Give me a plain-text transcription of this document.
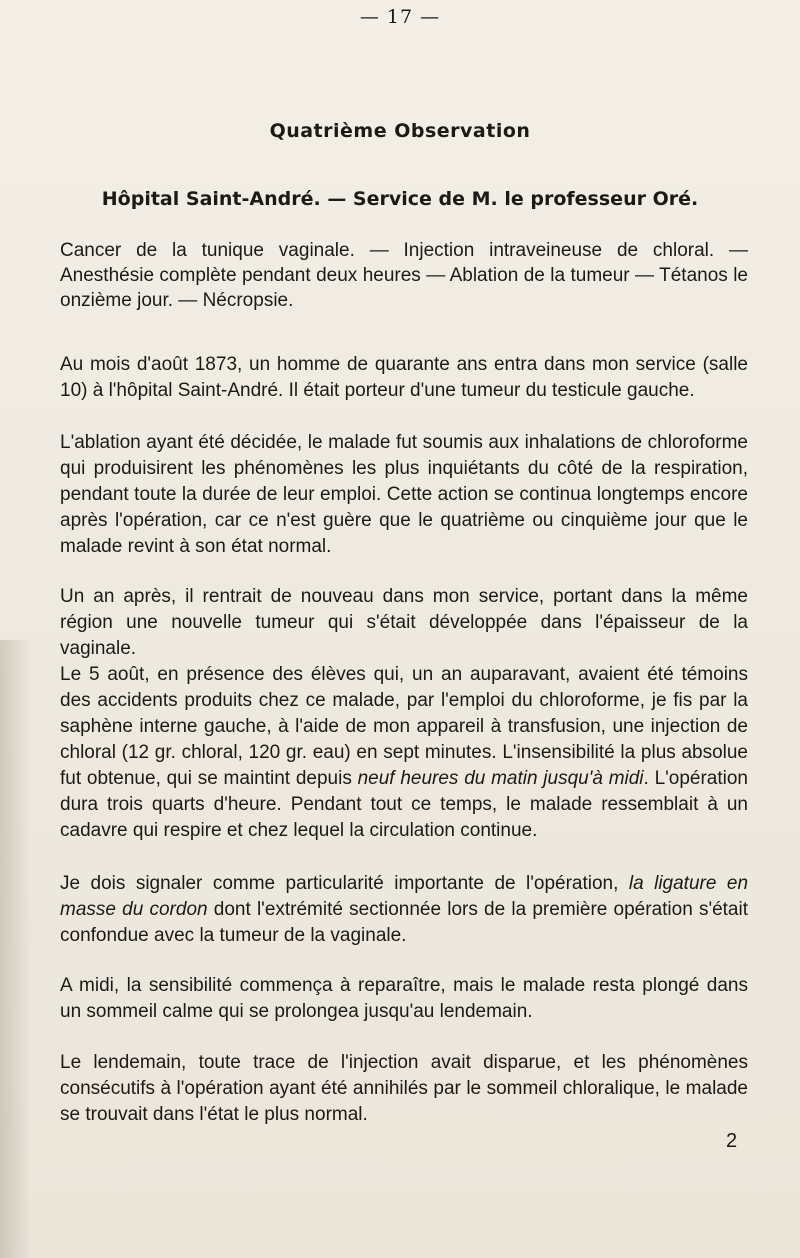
— 17 —
Quatrième Observation
Hôpital Saint-André. — Service de M. le professeur Oré.

Cancer de la tunique vaginale. — Injection intraveineuse de chloral. — Anesthésie complète pendant deux heures — Ablation de la tumeur — Tétanos le onzième jour. — Nécropsie.

Au mois d'août 1873, un homme de quarante ans entra dans mon service (salle 10) à l'hôpital Saint-André. Il était porteur d'une tumeur du testicule gauche.

L'ablation ayant été décidée, le malade fut soumis aux inhalations de chloroforme qui produisirent les phénomènes les plus inquiétants du côté de la respiration, pendant toute la durée de leur emploi. Cette action se continua longtemps encore après l'opération, car ce n'est guère que le quatrième ou cinquième jour que le malade revint à son état normal.

Un an après, il rentrait de nouveau dans mon service, portant dans la même région une nouvelle tumeur qui s'était développée dans l'épaisseur de la vaginale.

Le 5 août, en présence des élèves qui, un an auparavant, avaient été témoins des accidents produits chez ce malade, par l'emploi du chloroforme, je fis par la saphène interne gauche, à l'aide de mon appareil à transfusion, une injection de chloral (12 gr. chloral, 120 gr. eau) en sept minutes. L'insensibilité la plus absolue fut obtenue, qui se maintint depuis neuf heures du matin jusqu'à midi. L'opération dura trois quarts d'heure. Pendant tout ce temps, le malade ressemblait à un cadavre qui respire et chez lequel la circulation continue.

Je dois signaler comme particularité importante de l'opération, la ligature en masse du cordon dont l'extrémité sectionnée lors de la première opération s'était confondue avec la tumeur de la vaginale.

A midi, la sensibilité commença à reparaître, mais le malade resta plongé dans un sommeil calme qui se prolongea jusqu'au lendemain.

Le lendemain, toute trace de l'injection avait disparue, et les phénomènes consécutifs à l'opération ayant été annihilés par le sommeil chloralique, le malade se trouvait dans l'état le plus normal.

2
